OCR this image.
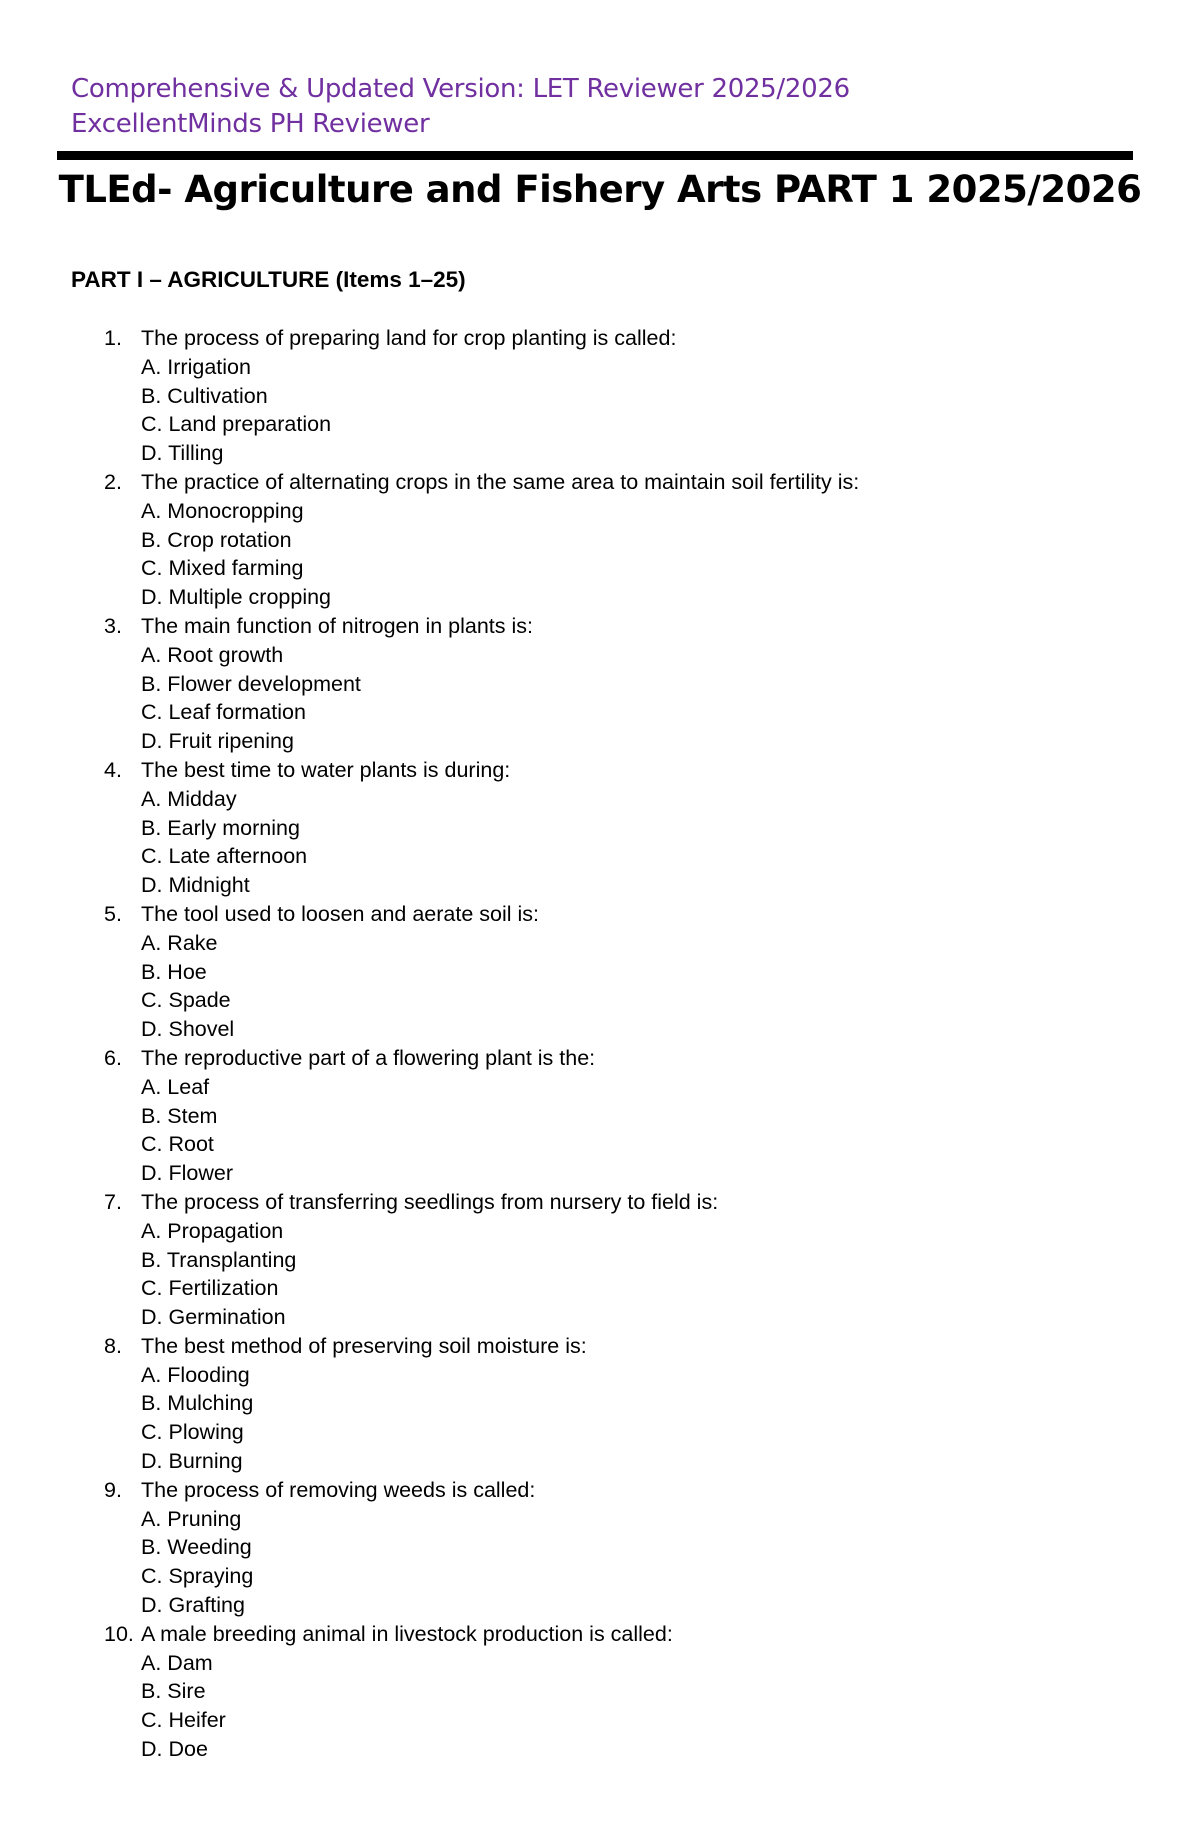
Comprehensive & Updated Version: LET Reviewer 2025/2026
ExcellentMinds PH Reviewer
TLEd- Agriculture and Fishery Arts PART 1 2025/2026
PART I – AGRICULTURE (Items 1–25)
1. The process of preparing land for crop planting is called:
A. Irrigation
B. Cultivation
C. Land preparation
D. Tilling
2. The practice of alternating crops in the same area to maintain soil fertility is:
A. Monocropping
B. Crop rotation
C. Mixed farming
D. Multiple cropping
3. The main function of nitrogen in plants is:
A. Root growth
B. Flower development
C. Leaf formation
D. Fruit ripening
4. The best time to water plants is during:
A. Midday
B. Early morning
C. Late afternoon
D. Midnight
5. The tool used to loosen and aerate soil is:
A. Rake
B. Hoe
C. Spade
D. Shovel
6. The reproductive part of a flowering plant is the:
A. Leaf
B. Stem
C. Root
D. Flower
7. The process of transferring seedlings from nursery to field is:
A. Propagation
B. Transplanting
C. Fertilization
D. Germination
8. The best method of preserving soil moisture is:
A. Flooding
B. Mulching
C. Plowing
D. Burning
9. The process of removing weeds is called:
A. Pruning
B. Weeding
C. Spraying
D. Grafting
10. A male breeding animal in livestock production is called:
A. Dam
B. Sire
C. Heifer
D. Doe
